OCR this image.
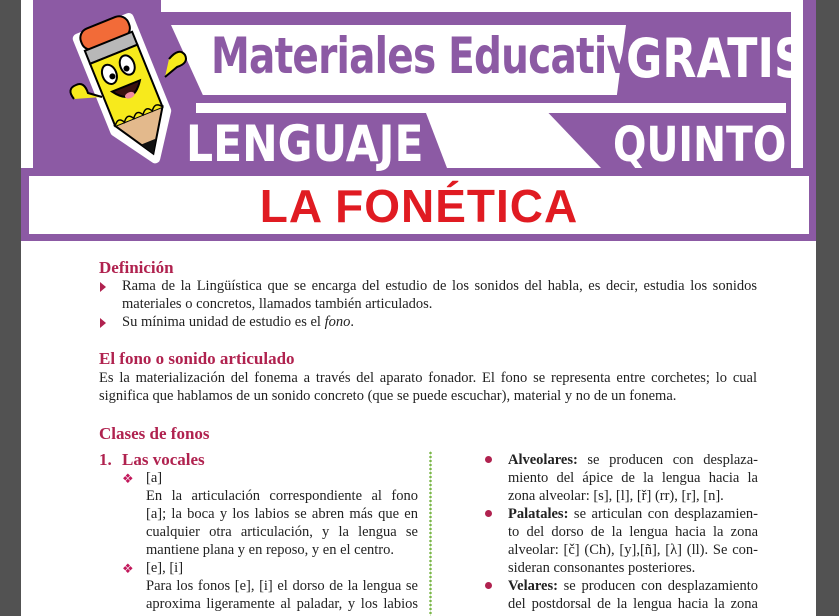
Materiales Educativos
GRATIS
LENGUAJE	QUINTO
LA FONÉTICA
Definición
Rama de la Lingüística que se encarga del estudio de los sonidos del habla, es decir, estudia los sonidos
materiales o concretos, llamados también articulados.
Su mínima unidad de estudio es el fono.
El fono o sonido articulado
Es la materialización del fonema a través del aparato fonador. El fono se representa entre corchetes; lo cual
significa que hablamos de un sonido concreto (que se puede escuchar), material y no de un fonema.
Clases de fonos
1. Las vocales
❖ [a]
En la articulación correspondiente al fono
[a]; la boca y los labios se abren más que en
cualquier otra articulación, y la lengua se
mantiene plana y en reposo, y en el centro.
❖ [e], [i]
Para los fonos [e], [i] el dorso de la lengua se
aproxima ligeramente al paladar, y los labios
Alveolares: se producen con desplaza-
miento del ápice de la lengua hacia la
zona alveolar: [s], [l], [ř] (rr), [r], [n].
Palatales: se articulan con desplazamien-
to del dorso de la lengua hacia la zona
alveolar: [č] (Ch), [y],[ñ], [λ] (ll). Se con-
sideran consonantes posteriores.
Velares: se producen con desplazamiento
del postdorsal de la lengua hacia la zona
